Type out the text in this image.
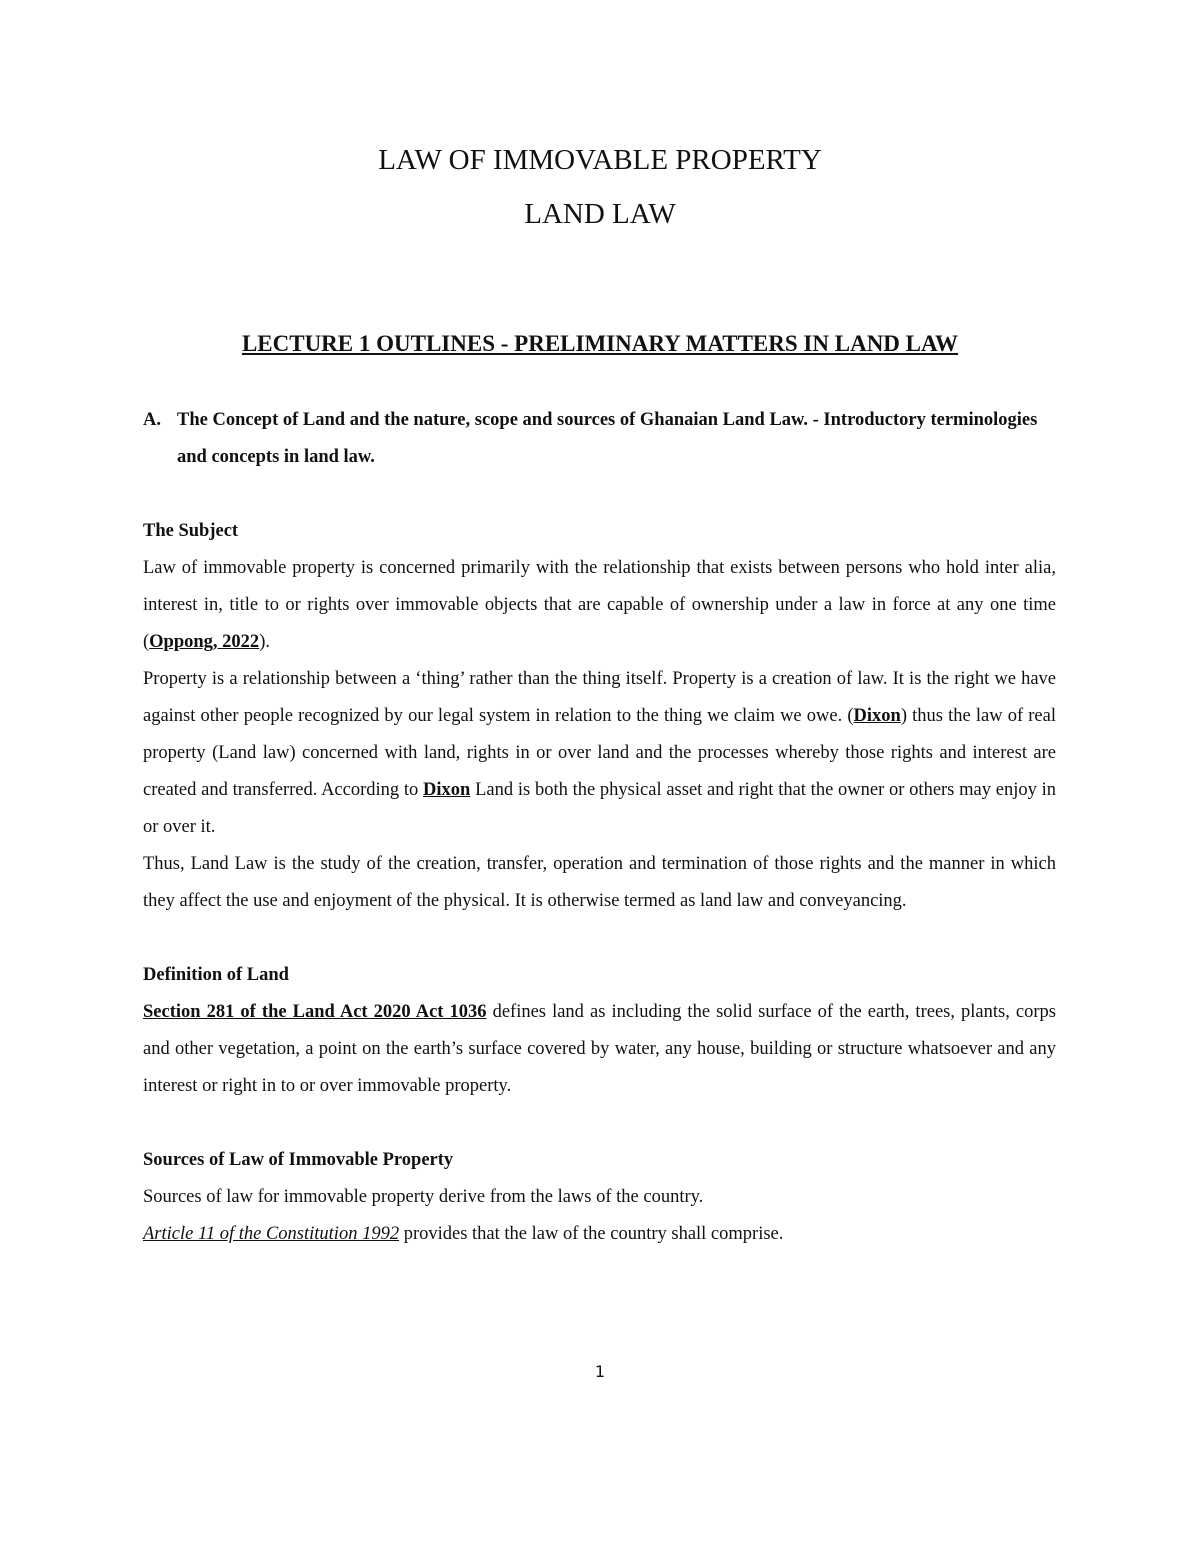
LAW OF IMMOVABLE PROPERTY
LAND LAW
LECTURE 1 OUTLINES - PRELIMINARY MATTERS IN LAND LAW
A. The Concept of Land and the nature, scope and sources of Ghanaian Land Law. - Introductory terminologies and concepts in land law.

The Subject

Law of immovable property is concerned primarily with the relationship that exists between persons who hold inter alia, interest in, title to or rights over immovable objects that are capable of ownership under a law in force at any one time (Oppong, 2022).

Property is a relationship between a ‘thing’ rather than the thing itself. Property is a creation of law. It is the right we have against other people recognized by our legal system in relation to the thing we claim we owe. (Dixon) thus the law of real property (Land law) concerned with land, rights in or over land and the processes whereby those rights and interest are created and transferred. According to Dixon Land is both the physical asset and right that the owner or others may enjoy in or over it.

Thus, Land Law is the study of the creation, transfer, operation and termination of those rights and the manner in which they affect the use and enjoyment of the physical. It is otherwise termed as land law and conveyancing.

Definition of Land

Section 281 of the Land Act 2020 Act 1036 defines land as including the solid surface of the earth, trees, plants, corps and other vegetation, a point on the earth’s surface covered by water, any house, building or structure whatsoever and any interest or right in to or over immovable property.

Sources of Law of Immovable Property

Sources of law for immovable property derive from the laws of the country.

Article 11 of the Constitution 1992 provides that the law of the country shall comprise.

1
